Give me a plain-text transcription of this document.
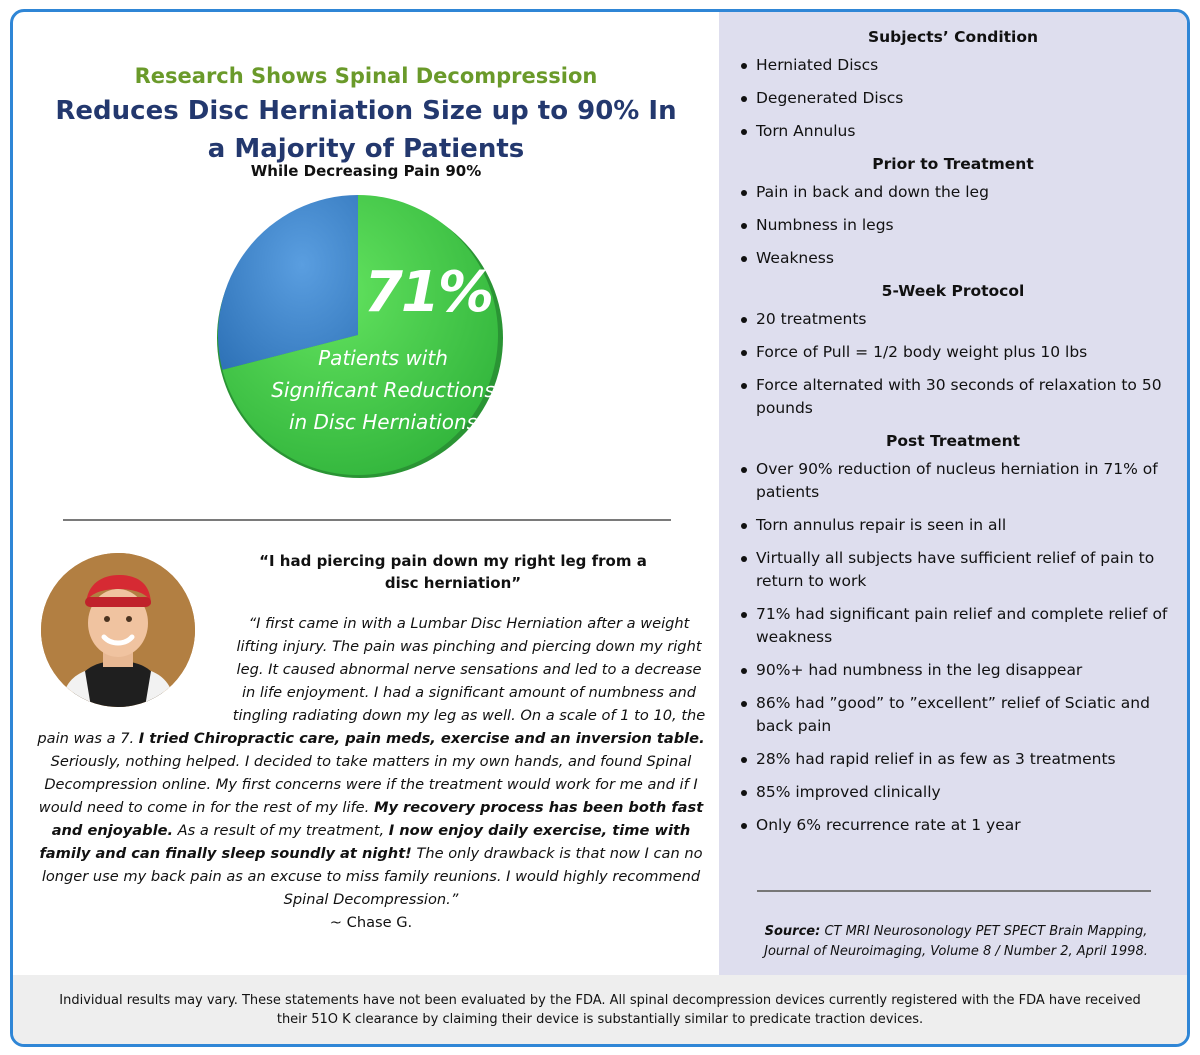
Research Shows Spinal Decompression

Reduces Disc Herniation Size up to 90% In a Majority of Patients

While Decreasing Pain 90%

71%

Patients with Significant Reductions in Disc Herniations

“I had piercing pain down my right leg from a disc herniation”

“I first came in with a Lumbar Disc Herniation after a weight lifting injury. The pain was pinching and piercing down my right leg. It caused abnormal nerve sensations and led to a decrease in life enjoyment. I had a significant amount of numbness and tingling radiating down my leg as well. On a scale of 1 to 10, the pain was a 7. I tried Chiropractic care, pain meds, exercise and an inversion table. Seriously, nothing helped. I decided to take matters in my own hands, and found Spinal Decompression online. My first concerns were if the treatment would work for me and if I would need to come in for the rest of my life. My recovery process has been both fast and enjoyable. As a result of my treatment, I now enjoy daily exercise, time with family and can finally sleep soundly at night! The only drawback is that now I can no longer use my back pain as an excuse to miss family reunions. I would highly recommend Spinal Decompression.”
~ Chase G.

Subjects’ Condition
Herniated Discs
Degenerated Discs
Torn Annulus
Prior to Treatment
Pain in back and down the leg
Numbness in legs
Weakness
5-Week Protocol
20 treatments
Force of Pull = 1/2 body weight plus 10 lbs
Force alternated with 30 seconds of relaxation to 50 pounds
Post Treatment
Over 90% reduction of nucleus herniation in 71% of patients
Torn annulus repair is seen in all
Virtually all subjects have sufficient relief of pain to return to work
71% had significant pain relief and complete relief of weakness
90%+ had numbness in the leg disappear
86% had ”good” to ”excellent” relief of Sciatic and back pain
28% had rapid relief in as few as 3 treatments
85% improved clinically
Only 6% recurrence rate at 1 year

Source: CT MRI Neurosonology PET SPECT Brain Mapping, Journal of Neuroimaging, Volume 8 / Number 2, April 1998.

Individual results may vary. These statements have not been evaluated by the FDA. All spinal decompression devices currently registered with the FDA have received their 51O K clearance by claiming their device is substantially similar to predicate traction devices.
